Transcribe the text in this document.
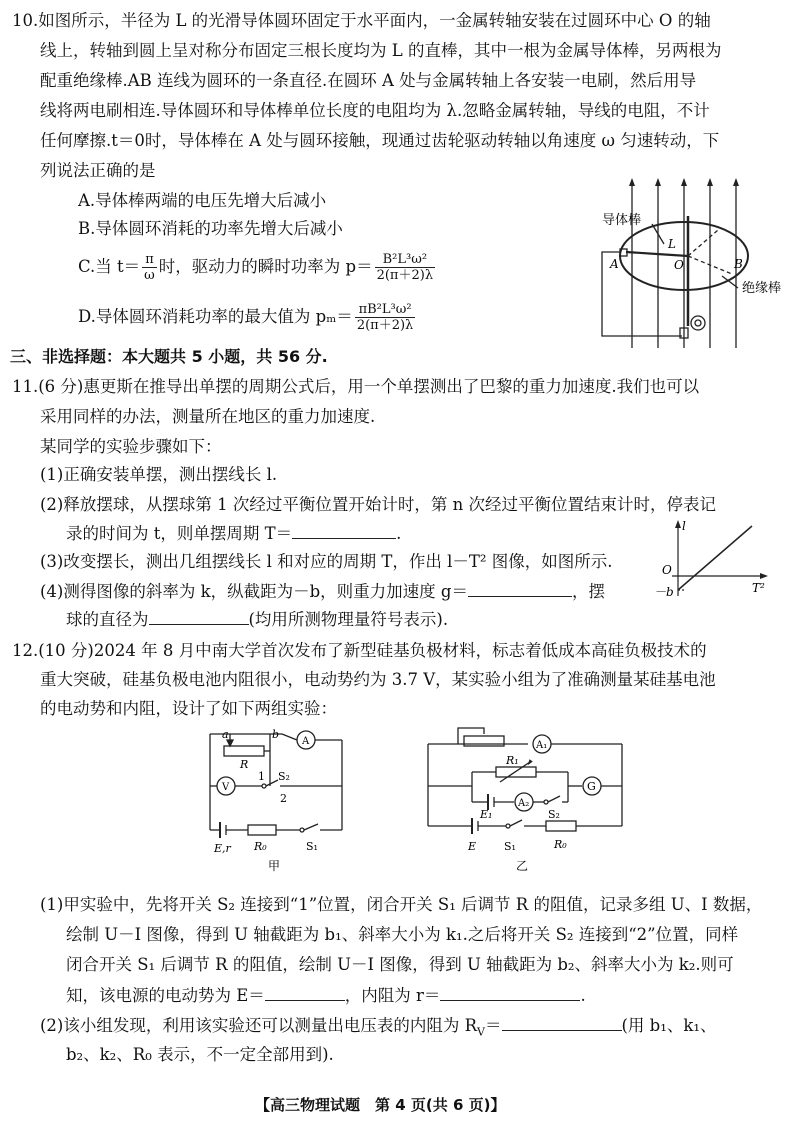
10.如图所示，半径为 L 的光滑导体圆环固定于水平面内，一金属转轴安装在过圆环中心 O 的轴
线上，转轴到圆上呈对称分布固定三根长度均为 L 的直棒，其中一根为金属导体棒，另两根为
配重绝缘棒.AB 连线为圆环的一条直径.在圆环 A 处与金属转轴上各安装一电刷，然后用导
线将两电刷相连.导体圆环和导体棒单位长度的电阻均为 λ.忽略金属转轴，导线的电阻，不计
任何摩擦.t＝0时，导体棒在 A 处与圆环接触，现通过齿轮驱动转轴以角速度 ω 匀速转动，下
列说法正确的是
A.导体棒两端的电压先增大后减小
B.导体圆环消耗的功率先增大后减小
C.当 $t= \frac{\pi}{\omega}$ 时，驱动力的瞬时功率为 $p= \frac{\text{B²L³ω²}}{2(\pi+2)\lambda}$
D.导体圆环消耗功率的最大值为 $p_m= \frac{\text{πB²L³ω²}}{2(\pi+2)\lambda}$
导体棒
绝缘棒
A	O	B
L
三、非选择题：本大题共 5 小题，共 56 分.
11.(6 分)惠更斯在推导出单摆的周期公式后，用一个单摆测出了巴黎的重力加速度.我们也可以
采用同样的办法，测量所在地区的重力加速度.
某同学的实验步骤如下：
(1)正确安装单摆，测出摆线长 l.
(2)释放摆球，从摆球第 1 次经过平衡位置开始计时，第 n 次经过平衡位置结束计时，停表记
录的时间为 t，则单摆周期 T＝	.
(3)改变摆长，测出几组摆线长 l 和对应的周期 T，作出 l－T² 图像，如图所示.
(4)测得图像的斜率为 k，纵截距为－b，则重力加速度 g＝	，摆
球的直径为	(均用所测物理量符号表示).
l
T²
O
－b
12.(10 分)2024 年 8 月中南大学首次发布了新型硅基负极材料，标志着低成本高硅负极技术的
重大突破，硅基负极电池内阻很小，电动势约为 3.7 V，某实验小组为了准确测量某硅基电池
的电动势和内阻，设计了如下两组实验：
a	b
R
A
V
1
2
S₂
E,r R₀	S₁
甲
A₁
R₁
G
E₁
A₂
S₂
E	S₁	R₀
乙
(1)甲实验中，先将开关 S₂ 连接到“1”位置，闭合开关 S₁ 后调节 R 的阻值，记录多组 U、I 数据，
绘制 U－I 图像，得到 U 轴截距为 b₁、斜率大小为 k₁.之后将开关 S₂ 连接到“2”位置，同样
闭合开关 S₁ 后调节 R 的阻值，绘制 U－I 图像，得到 U 轴截距为 b₂、斜率大小为 k₂.则可
知，该电源的电动势为 E＝	，内阻为 r＝	.
(2)该小组发现，利用该实验还可以测量出电压表的内阻为 $R_V=$	(用 b₁、k₁、
b₂、k₂、R₀ 表示，不一定全部用到).
【高三物理试题　第 4 页(共 6 页)】
